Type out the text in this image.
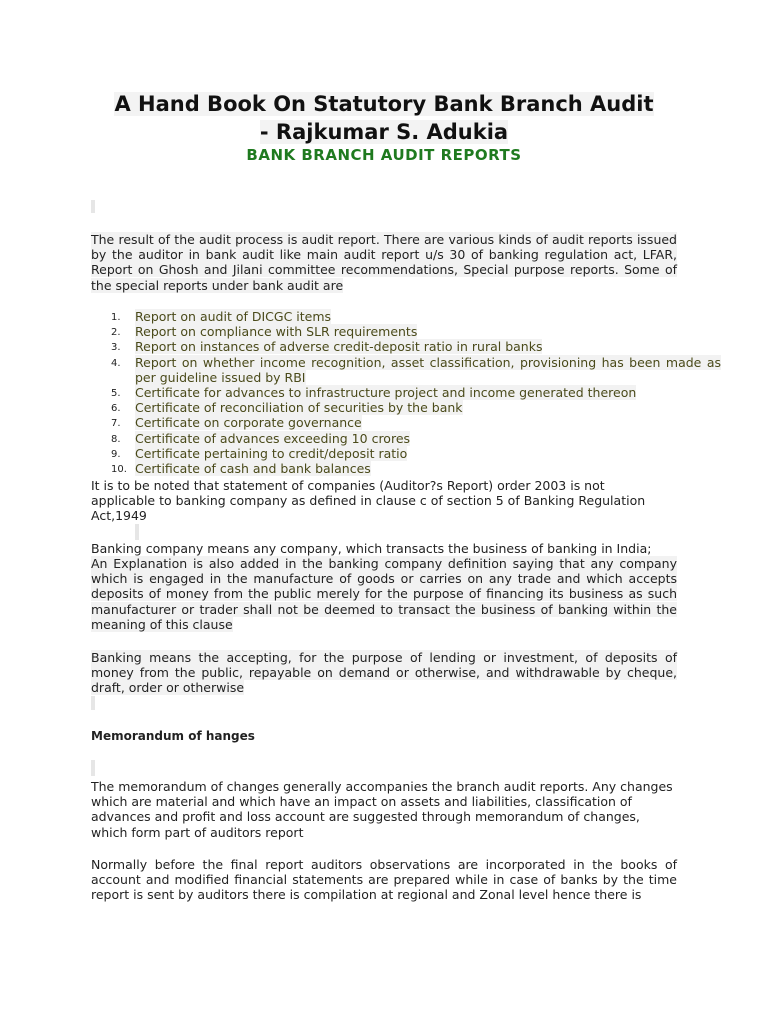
A Hand Book On Statutory Bank Branch Audit
- Rajkumar S. Adukia
BANK BRANCH AUDIT REPORTS
The result of the audit process is audit report. There are various kinds of audit reports issued by the auditor in bank audit like main audit report u/s 30 of banking regulation act, LFAR, Report on Ghosh and Jilani committee recommendations, Special purpose reports. Some of the special reports under bank audit are
Report on audit of DICGC items
Report on compliance with SLR requirements
Report on instances of adverse credit-deposit ratio in rural banks
Report on whether income recognition, asset classification, provisioning has been made as per guideline issued by RBI
Certificate for advances to infrastructure project and income generated thereon
Certificate of reconciliation of securities by the bank
Certificate on corporate governance
Certificate of advances exceeding 10 crores
Certificate pertaining to credit/deposit ratio
Certificate of cash and bank balances
It is to be noted that statement of companies (Auditor?s Report) order 2003 is not applicable to banking company as defined in clause c of section 5 of Banking Regulation Act,1949
Banking company means any company, which transacts the business of banking in India;
An Explanation is also added in the banking company definition saying that any company which is engaged in the manufacture of goods or carries on any trade and which accepts deposits of money from the public merely for the purpose of financing its business as such manufacturer or trader shall not be deemed to transact the business of banking within the meaning of this clause
Banking means the accepting, for the purpose of lending or investment, of deposits of money from the public, repayable on demand or otherwise, and withdrawable by cheque, draft, order or otherwise
Memorandum of hanges
The memorandum of changes generally accompanies the branch audit reports. Any changes which are material and which have an impact on assets and liabilities, classification of advances and profit and loss account are suggested through memorandum of changes, which form part of auditors report
Normally before the final report auditors observations are incorporated in the books of account and modified financial statements are prepared while in case of banks by the time report is sent by auditors there is compilation at regional and Zonal level hence there is
